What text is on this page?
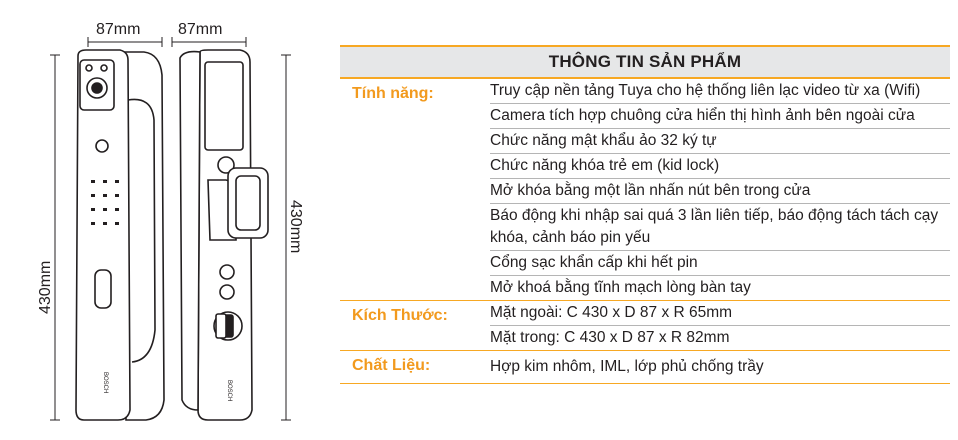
87mm 87mm
430mm
430mm
BOSCH	BOSCH
THÔNG TIN SẢN PHẨM
Tính năng:	Truy cập nền tảng Tuya cho hệ thống liên lạc video từ xa (Wifi)
Camera tích hợp chuông cửa hiển thị hình ảnh bên ngoài cửa
Chức năng mật khẩu ảo 32 ký tự
Chức năng khóa trẻ em (kid lock)
Mở khóa bằng một lần nhấn nút bên trong cửa
Báo động khi nhập sai quá 3 lần liên tiếp, báo động tách tách cạy khóa, cảnh báo pin yếu
Cổng sạc khẩn cấp khi hết pin
Mở khoá bằng tĩnh mạch lòng bàn tay
Kích Thước:	Mặt ngoài: C 430 x D 87 x R 65mm
Mặt trong: C 430 x D 87 x R 82mm
Chất Liệu:	Hợp kim nhôm, IML, lớp phủ chống trầy
